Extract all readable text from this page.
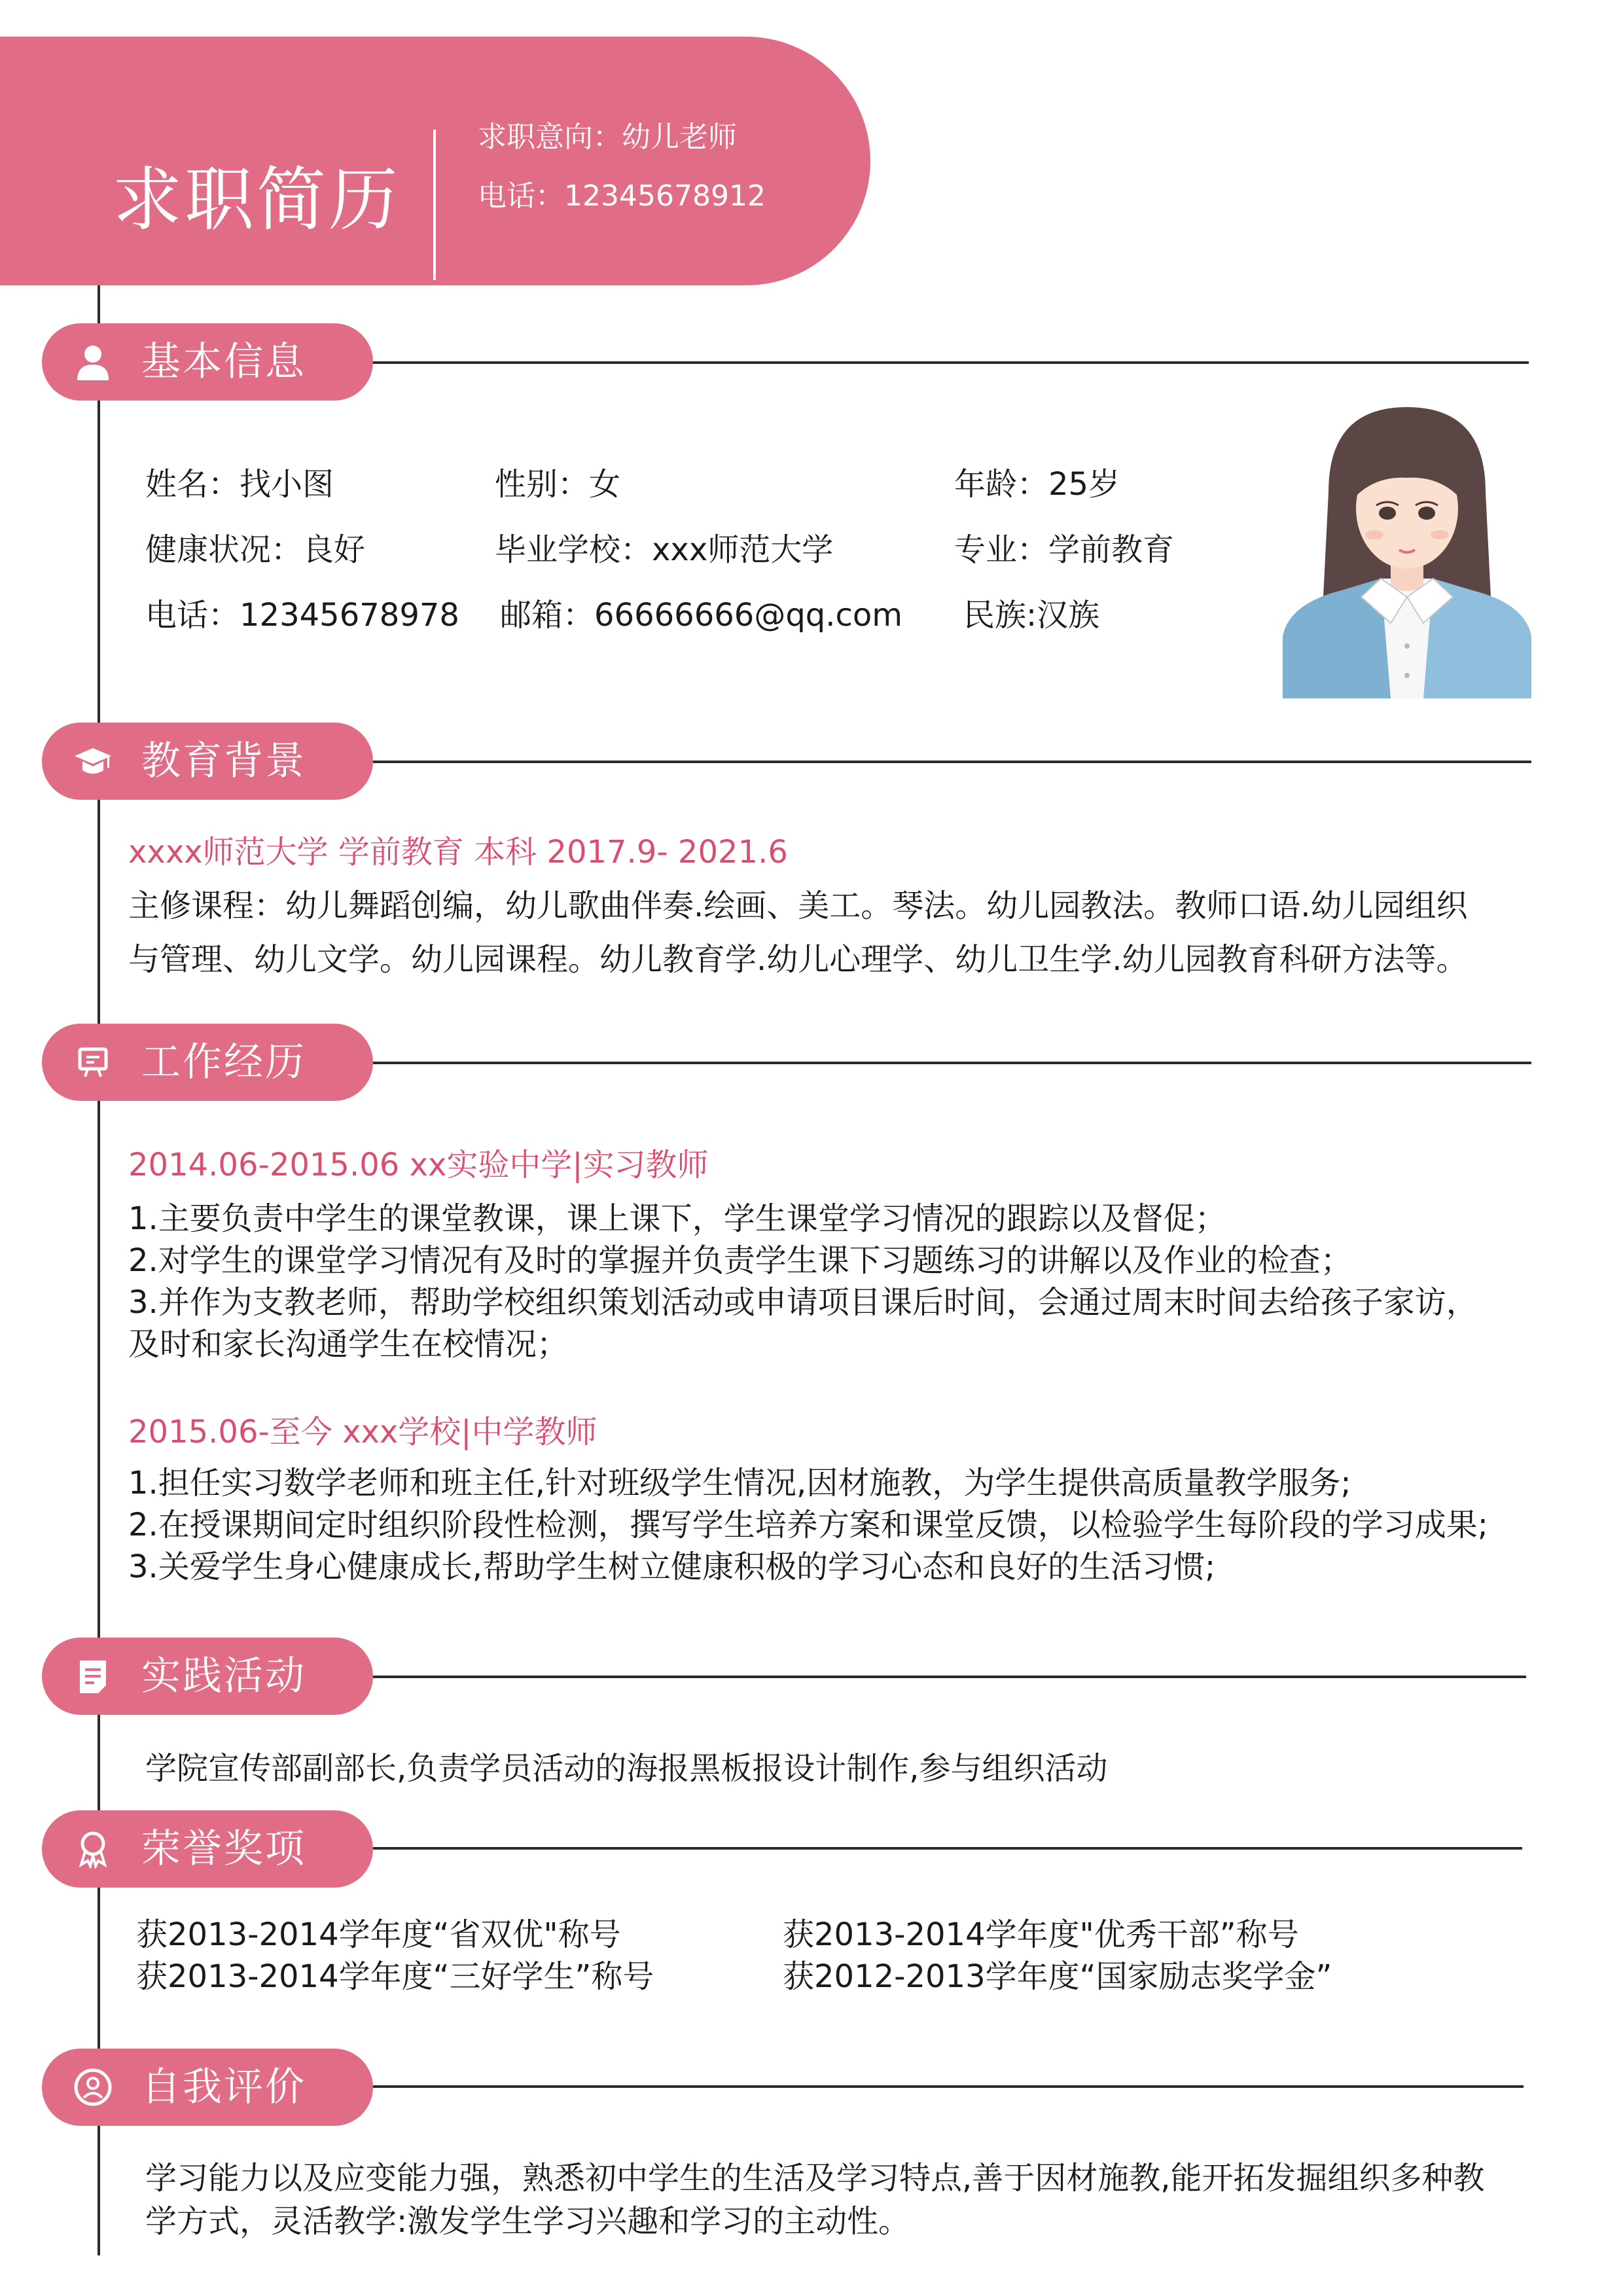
求职简历
求职意向：幼儿老师
电话：12345678912
基本信息
姓名：找小图	性别：女	年龄：25岁
健康状况：良好	毕业学校：xxx师范大学	专业：学前教育
电话：12345678978 邮箱：66666666@qq.com 民族:汉族
教育背景
xxxx师范大学 学前教育 本科 2017.9- 2021.6
主修课程：幼儿舞蹈创编，幼儿歌曲伴奏.绘画、美工。琴法。幼儿园教法。教师口语.幼儿园组织
与管理、幼儿文学。幼儿园课程。幼儿教育学.幼儿心理学、幼儿卫生学.幼儿园教育科研方法等。
工作经历
2014.06-2015.06 xx实验中学|实习教师
1.主要负责中学生的课堂教课，课上课下，学生课堂学习情况的跟踪以及督促；
2.对学生的课堂学习情况有及时的掌握并负责学生课下习题练习的讲解以及作业的检查；
3.并作为支教老师，帮助学校组织策划活动或申请项目课后时间，会通过周末时间去给孩子家访，
及时和家长沟通学生在校情况；
2015.06-至今 xxx学校|中学教师
1.担任实习数学老师和班主任,针对班级学生情况,因材施教，为学生提供高质量教学服务;
2.在授课期间定时组织阶段性检测，撰写学生培养方案和课堂反馈，以检验学生每阶段的学习成果;
3.关爱学生身心健康成长,帮助学生树立健康积极的学习心态和良好的生活习惯;
实践活动
学院宣传部副部长,负责学员活动的海报黑板报设计制作,参与组织活动
荣誉奖项
获2013-2014学年度“省双优"称号	获2013-2014学年度"优秀干部”称号
获2013-2014学年度“三好学生”称号	获2012-2013学年度“国家励志奖学金”
自我评价
学习能力以及应变能力强，熟悉初中学生的生活及学习特点,善于因材施教,能开拓发掘组织多种教
学方式，灵活教学:激发学生学习兴趣和学习的主动性。
